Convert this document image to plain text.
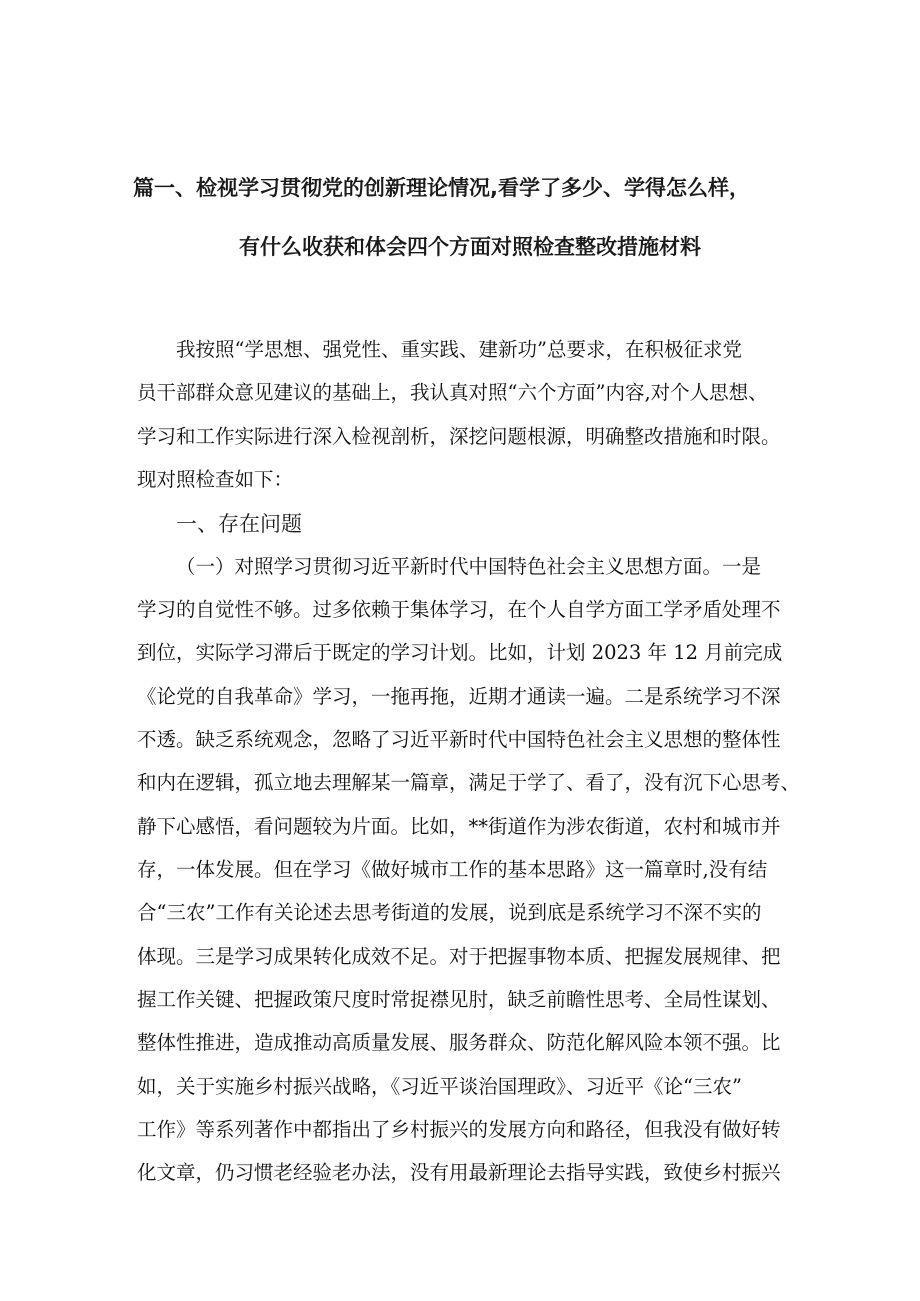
篇一、检视学习贯彻党的创新理论情况,看学了多少、学得怎么样，
有什么收获和体会四个方面对照检查整改措施材料
我按照“学思想、强党性、重实践、建新功”总要求，在积极征求党
员干部群众意见建议的基础上，我认真对照“六个方面”内容,对个人思想、
学习和工作实际进行深入检视剖析，深挖问题根源，明确整改措施和时限。
现对照检查如下：
一、存在问题
（一）对照学习贯彻习近平新时代中国特色社会主义思想方面。一是
学习的自觉性不够。过多依赖于集体学习，在个人自学方面工学矛盾处理不
到位，实际学习滞后于既定的学习计划。比如，计划 2023 年 12 月前完成
《论党的自我革命》学习，一拖再拖，近期才通读一遍。二是系统学习不深
不透。缺乏系统观念，忽略了习近平新时代中国特色社会主义思想的整体性
和内在逻辑，孤立地去理解某一篇章，满足于学了、看了，没有沉下心思考、
静下心感悟，看问题较为片面。比如，**街道作为涉农街道，农村和城市并
存，一体发展。但在学习《做好城市工作的基本思路》这一篇章时,没有结
合“三农”工作有关论述去思考街道的发展，说到底是系统学习不深不实的
体现。三是学习成果转化成效不足。对于把握事物本质、把握发展规律、把
握工作关键、把握政策尺度时常捉襟见肘，缺乏前瞻性思考、全局性谋划、
整体性推进，造成推动高质量发展、服务群众、防范化解风险本领不强。比
如，关于实施乡村振兴战略，《习近平谈治国理政》、习近平《论“三农”
工作》等系列著作中都指出了乡村振兴的发展方向和路径，但我没有做好转
化文章，仍习惯老经验老办法，没有用最新理论去指导实践，致使乡村振兴
